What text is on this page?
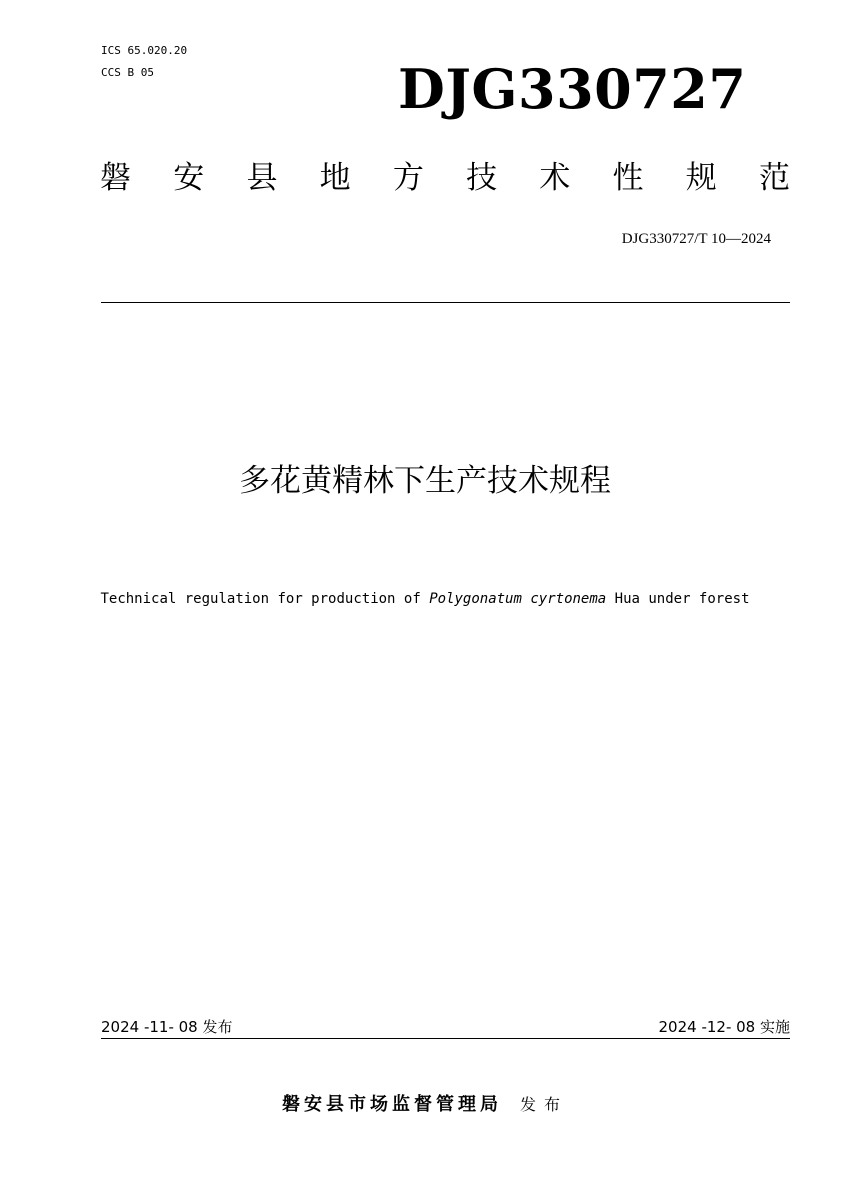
ICS 65.020.20
CCS B 05	DJG330727
磐 安 县 地 方 技 术 性 规 范
DJG330727/T 10—2024
多花黄精林下生产技术规程
Technical regulation for production of Polygonatum cyrtonema Hua under forest
2024 -11- 08 发布	2024 -12- 08 实施
磐安县市场监督管理局 发布
